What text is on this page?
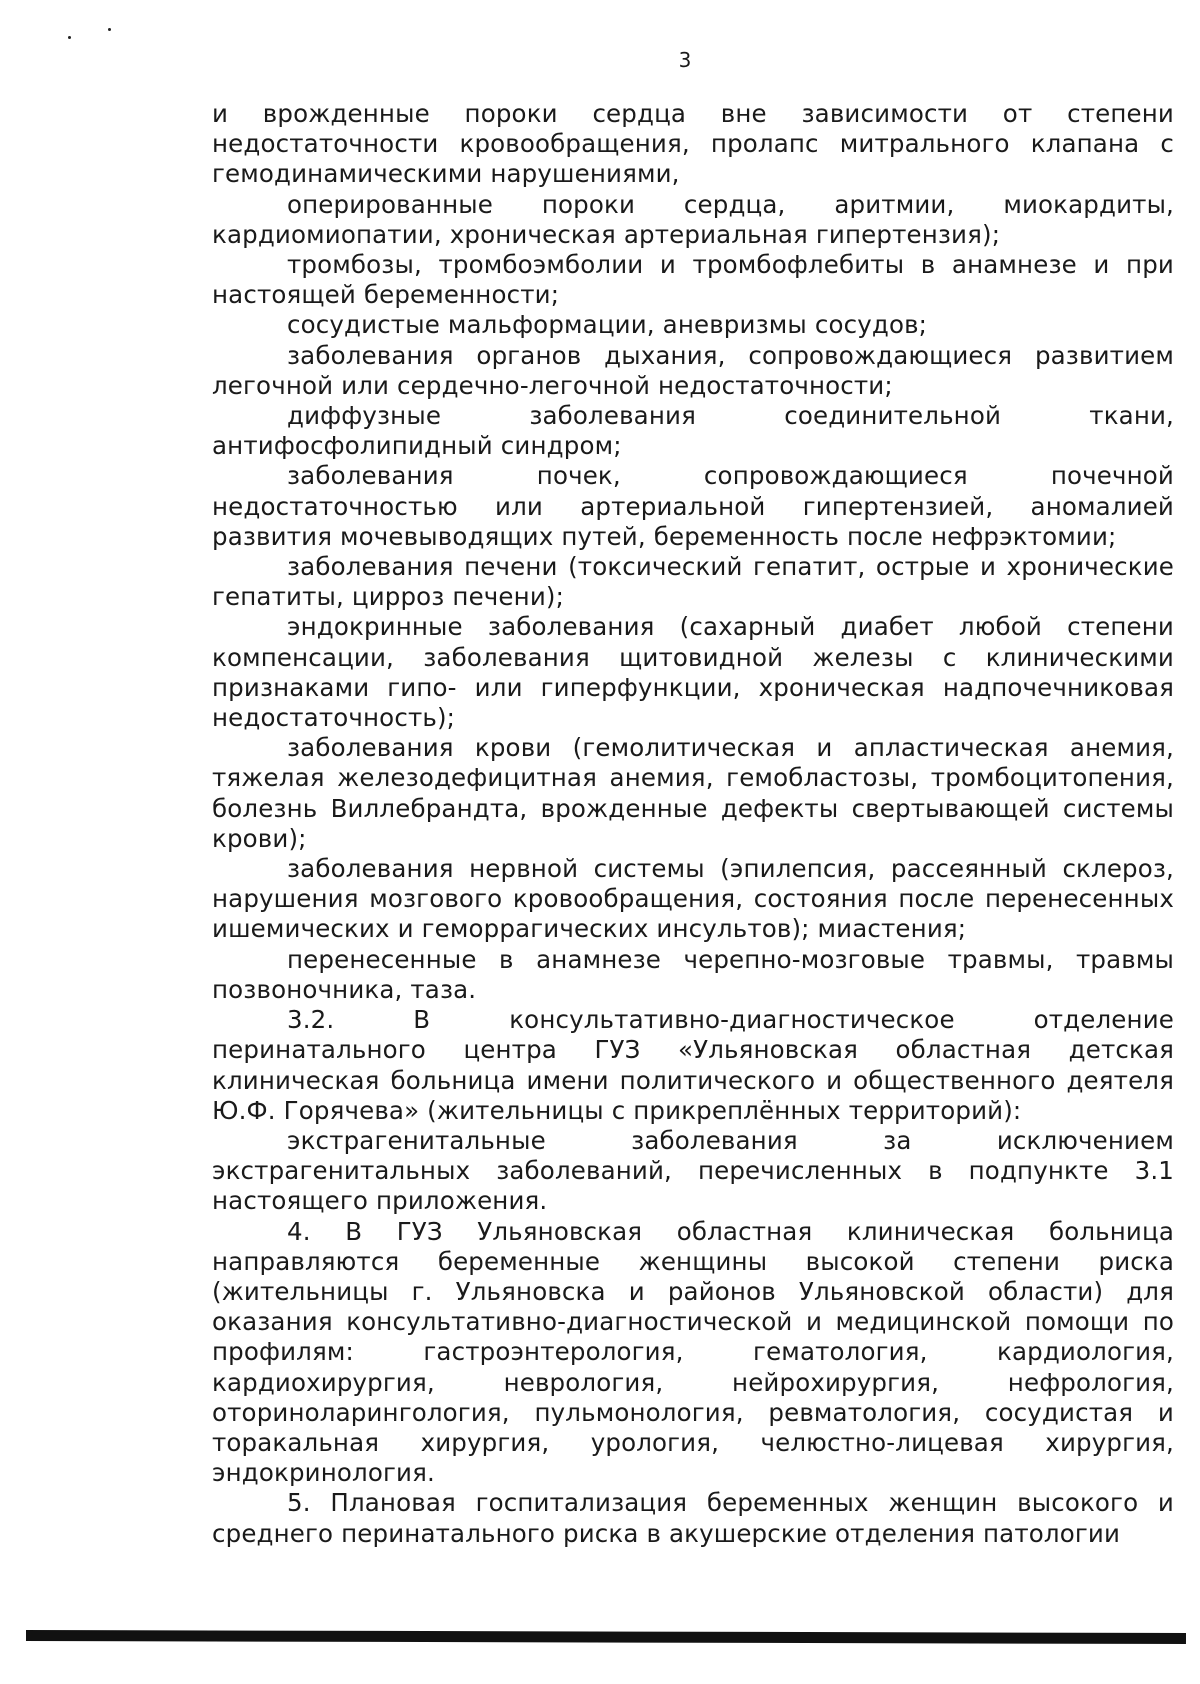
3

и врожденные пороки сердца вне зависимости от степени недостаточности кровообращения, пролапс митрального клапана с гемодинамическими нарушениями,

оперированные пороки сердца, аритмии, миокардиты, кардиомиопатии, хроническая артериальная гипертензия);

тромбозы, тромбоэмболии и тромбофлебиты в анамнезе и при настоящей беременности;

сосудистые мальформации, аневризмы сосудов;

заболевания органов дыхания, сопровождающиеся развитием легочной или сердечно-легочной недостаточности;

диффузные заболевания соединительной ткани, антифосфолипидный синдром;

заболевания почек, сопровождающиеся почечной недостаточностью или артериальной гипертензией, аномалией развития мочевыводящих путей, беременность после нефрэктомии;

заболевания печени (токсический гепатит, острые и хронические гепатиты, цирроз печени);

эндокринные заболевания (сахарный диабет любой степени компенсации, заболевания щитовидной железы с клиническими признаками гипо- или гиперфункции, хроническая надпочечниковая недостаточность);

заболевания крови (гемолитическая и апластическая анемия, тяжелая железодефицитная анемия, гемобластозы, тромбоцитопения, болезнь Виллебрандта, врожденные дефекты свертывающей системы крови);

заболевания нервной системы (эпилепсия, рассеянный склероз, нарушения мозгового кровообращения, состояния после перенесенных ишемических и геморрагических инсультов); миастения;

перенесенные в анамнезе черепно-мозговые травмы, травмы позвоночника, таза.

3.2. В консультативно-диагностическое отделение перинатального центра ГУЗ «Ульяновская областная детская клиническая больница имени политического и общественного деятеля Ю.Ф. Горячева» (жительницы с прикреплённых территорий):

экстрагенитальные заболевания за исключением экстрагенитальных заболеваний, перечисленных в подпункте 3.1 настоящего приложения.

4. В ГУЗ Ульяновская областная клиническая больница направляются беременные женщины высокой степени риска (жительницы г. Ульяновска и районов Ульяновской области) для оказания консультативно-диагностической и медицинской помощи по профилям: гастроэнтерология, гематология, кардиология, кардиохирургия, неврология, нейрохирургия, нефрология, оториноларингология, пульмонология, ревматология, сосудистая и торакальная хирургия, урология, челюстно-лицевая хирургия, эндокринология.

5. Плановая госпитализация беременных женщин высокого и среднего перинатального риска в акушерские отделения патологии
